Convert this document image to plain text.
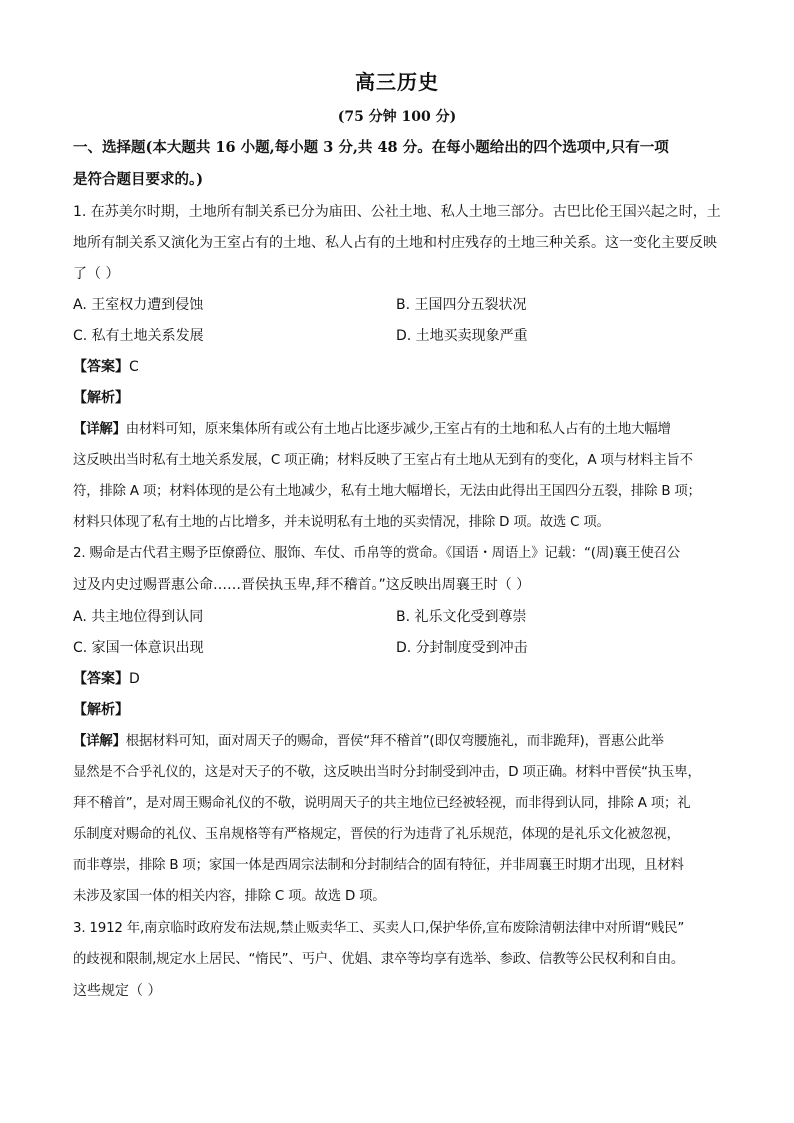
高三历史
(75 分钟 100 分)
一、选择题(本大题共 16 小题,每小题 3 分,共 48 分。在每小题给出的四个选项中,只有一项
是符合题目要求的。)
1. 在苏美尔时期，土地所有制关系已分为庙田、公社土地、私人土地三部分。古巴比伦王国兴起之时，土
地所有制关系又演化为王室占有的土地、私人占有的土地和村庄残存的土地三种关系。这一变化主要反映
了（ ）
A. 王室权力遭到侵蚀	B. 王国四分五裂状况
C. 私有土地关系发展	D. 土地买卖现象严重
【答案】C
【解析】
【详解】由材料可知，原来集体所有或公有土地占比逐步减少,王室占有的土地和私人占有的土地大幅增
这反映出当时私有土地关系发展，C 项正确；材料反映了王室占有土地从无到有的变化，A 项与材料主旨不
符，排除 A 项；材料体现的是公有土地减少，私有土地大幅增长，无法由此得出王国四分五裂，排除 B 项；
材料只体现了私有土地的占比增多，并未说明私有土地的买卖情况，排除 D 项。故选 C 项。
2. 赐命是古代君主赐予臣僚爵位、服饰、车仗、币帛等的赏命。《国语・周语上》记载：“(周)襄王使召公
过及内史过赐晋惠公命……晋侯执玉卑,拜不稽首。”这反映出周襄王时（ ）
A. 共主地位得到认同	B. 礼乐文化受到尊崇
C. 家国一体意识出现	D. 分封制度受到冲击
【答案】D
【解析】
【详解】根据材料可知，面对周天子的赐命，晋侯“拜不稽首”(即仅弯腰施礼，而非跪拜)，晋惠公此举
显然是不合乎礼仪的，这是对天子的不敬，这反映出当时分封制受到冲击，D 项正确。材料中晋侯“执玉卑，
拜不稽首”，是对周王赐命礼仪的不敬，说明周天子的共主地位已经被轻视，而非得到认同，排除 A 项；礼
乐制度对赐命的礼仪、玉帛规格等有严格规定，晋侯的行为违背了礼乐规范，体现的是礼乐文化被忽视，
而非尊崇，排除 B 项；家国一体是西周宗法制和分封制结合的固有特征，并非周襄王时期才出现，且材料
未涉及家国一体的相关内容，排除 C 项。故选 D 项。
3. 1912 年,南京临时政府发布法规,禁止贩卖华工、买卖人口,保护华侨,宣布废除清朝法律中对所谓“贱民”
的歧视和限制,规定水上居民、“惰民”、丐户、优娼、隶卒等均享有选举、参政、信教等公民权利和自由。
这些规定（ ）
